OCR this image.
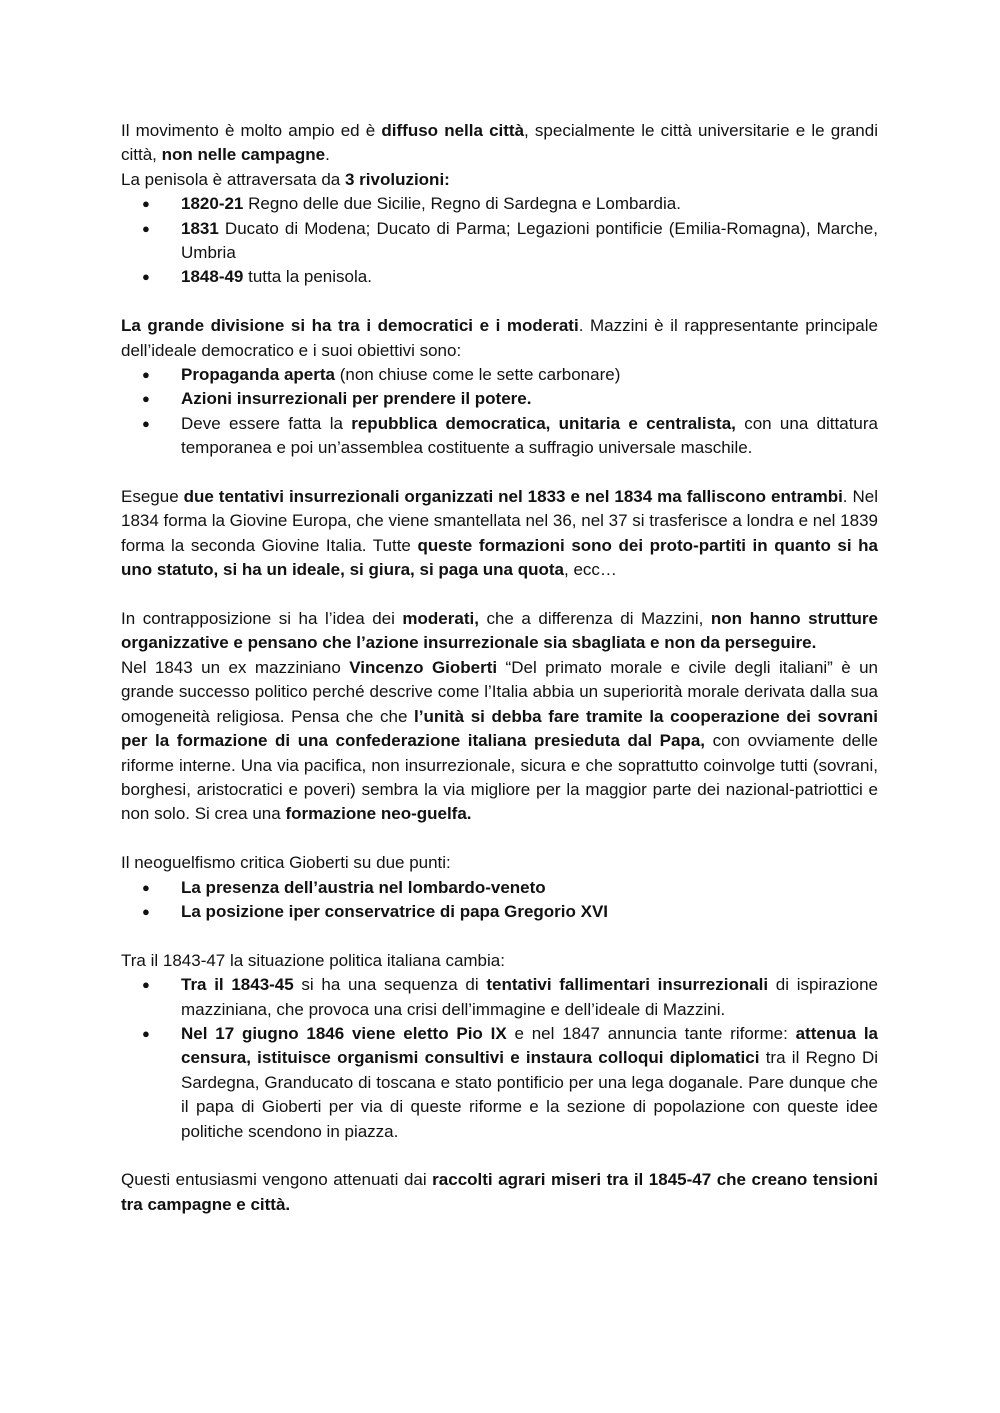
Il movimento è molto ampio ed è diffuso nella città, specialmente le città universitarie e le grandi città, non nelle campagne.

La penisola è attraversata da 3 rivoluzioni:

● 1820-21 Regno delle due Sicilie, Regno di Sardegna e Lombardia.
● 1831 Ducato di Modena; Ducato di Parma; Legazioni pontificie (Emilia-Romagna), Marche, Umbria
● 1848-49 tutta la penisola.

La grande divisione si ha tra i democratici e i moderati. Mazzini è il rappresentante principale dell’ideale democratico e i suoi obiettivi sono:

● Propaganda aperta (non chiuse come le sette carbonare)
● Azioni insurrezionali per prendere il potere.
● Deve essere fatta la repubblica democratica, unitaria e centralista, con una dittatura temporanea e poi un’assemblea costituente a suffragio universale maschile.

Esegue due tentativi insurrezionali organizzati nel 1833 e nel 1834 ma falliscono entrambi. Nel 1834 forma la Giovine Europa, che viene smantellata nel 36, nel 37 si trasferisce a londra e nel 1839 forma la seconda Giovine Italia. Tutte queste formazioni sono dei proto-partiti in quanto si ha uno statuto, si ha un ideale, si giura, si paga una quota, ecc…

In contrapposizione si ha l’idea dei moderati, che a differenza di Mazzini, non hanno strutture organizzative e pensano che l’azione insurrezionale sia sbagliata e non da perseguire.

Nel 1843 un ex mazziniano Vincenzo Gioberti “Del primato morale e civile degli italiani” è un grande successo politico perché descrive come l’Italia abbia un superiorità morale derivata dalla sua omogeneità religiosa. Pensa che che l’unità si debba fare tramite la cooperazione dei sovrani per la formazione di una confederazione italiana presieduta dal Papa, con ovviamente delle riforme interne. Una via pacifica, non insurrezionale, sicura e che soprattutto coinvolge tutti (sovrani, borghesi, aristocratici e poveri) sembra la via migliore per la maggior parte dei nazional-patriottici e non solo. Si crea una formazione neo-guelfa.

Il neoguelfismo critica Gioberti su due punti:

● La presenza dell’austria nel lombardo-veneto
● La posizione iper conservatrice di papa Gregorio XVI

Tra il 1843-47 la situazione politica italiana cambia:

● Tra il 1843-45 si ha una sequenza di tentativi fallimentari insurrezionali di ispirazione mazziniana, che provoca una crisi dell’immagine e dell’ideale di Mazzini.
● Nel 17 giugno 1846 viene eletto Pio IX e nel 1847 annuncia tante riforme: attenua la censura, istituisce organismi consultivi e instaura colloqui diplomatici tra il Regno Di Sardegna, Granducato di toscana e stato pontificio per una lega doganale. Pare dunque che il papa di Gioberti per via di queste riforme e la sezione di popolazione con queste idee politiche scendono in piazza.

Questi entusiasmi vengono attenuati dai raccolti agrari miseri tra il 1845-47 che creano tensioni tra campagne e città.
